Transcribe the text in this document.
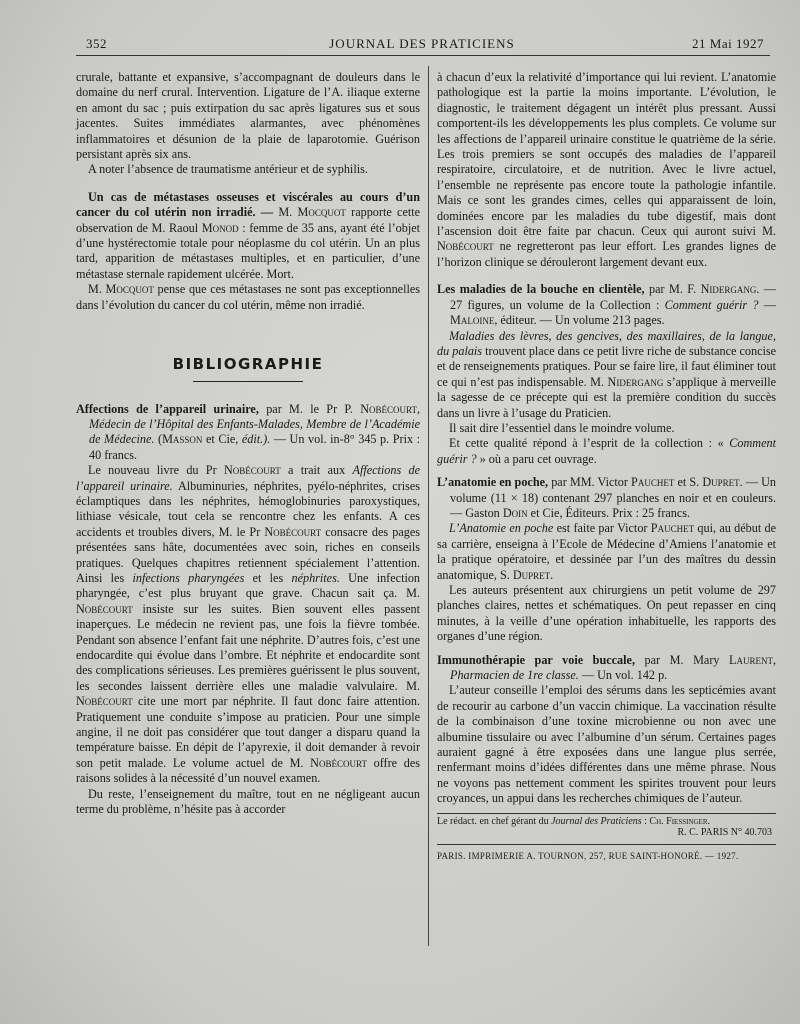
352	JOURNAL DES PRATICIENS	21 Mai 1927

crurale, battante et expansive, s’accompagnant de douleurs dans le domaine du nerf crural. Intervention. Ligature de l’A. iliaque externe en amont du sac ; puis extirpation du sac après ligatures sus et sous jacentes. Suites immédiates alarmantes, avec phénomènes inflammatoires et désunion de la plaie de laparotomie. Guérison persistant après six ans.

A noter l’absence de traumatisme antérieur et de syphilis.

Un cas de métastases osseuses et viscérales au cours d’un cancer du col utérin non irradié. — M. Mocquot rapporte cette observation de M. Raoul Monod : femme de 35 ans, ayant été l’objet d’une hystérectomie totale pour néoplasme du col utérin. Un an plus tard, apparition de métastases multiples, et en particulier, d’une métastase sternale rapidement ulcérée. Mort.

M. Mocquot pense que ces métastases ne sont pas exceptionnelles dans l’évolution du cancer du col utérin, même non irradié.

BIBLIOGRAPHIE

Affections de l’appareil urinaire, par M. le Pr P. Nobécourt, Médecin de l’Hôpital des Enfants-Malades, Membre de l’Académie de Médecine. (Masson et Cie, édit.). — Un vol. in-8° 345 p. Prix : 40 francs.

Le nouveau livre du Pr Nobécourt a trait aux Affections de l’appareil urinaire. Albuminuries, néphrites, pyélo-néphrites, crises éclamptiques dans les néphrites, hémoglobinuries paroxystiques, lithiase vésicale, tout cela se rencontre chez les enfants. A ces accidents et troubles divers, M. le Pr Nobécourt consacre des pages présentées sans hâte, documentées avec soin, riches en conseils pratiques. Quelques chapitres retiennent spécialement l’attention. Ainsi les infections pharyngées et les néphrites. Une infection pharyngée, c’est plus bruyant que grave. Chacun sait ça. M. Nobécourt insiste sur les suites. Bien souvent elles passent inaperçues. Le médecin ne revient pas, une fois la fièvre tombée. Pendant son absence l’enfant fait une néphrite. D’autres fois, c’est une endocardite qui évolue dans l’ombre. Et néphrite et endocardite sont des complications sérieuses. Les premières guérissent le plus souvent, les secondes laissent derrière elles une maladie valvulaire. M. Nobécourt cite une mort par néphrite. Il faut donc faire attention. Pratiquement une conduite s’impose au praticien. Pour une simple angine, il ne doit pas considérer que tout danger a disparu quand la température baisse. En dépit de l’apyrexie, il doit demander à revoir son petit malade. Le volume actuel de M. Nobécourt offre des raisons solides à la nécessité d’un nouvel examen.

Du reste, l’enseignement du maître, tout en ne négligeant aucun terme du problème, n’hésite pas à accorder

à chacun d’eux la relativité d’importance qui lui revient. L’anatomie pathologique est la partie la moins importante. L’évolution, le diagnostic, le traitement dégagent un intérêt plus pressant. Aussi comportent-ils les développements les plus complets. Ce volume sur les affections de l’appareil urinaire constitue le quatrième de la série. Les trois premiers se sont occupés des maladies de l’appareil respiratoire, circulatoire, et de nutrition. Avec le livre actuel, l’ensemble ne représente pas encore toute la pathologie infantile. Mais ce sont les grandes cimes, celles qui apparaissent de loin, dominées encore par les maladies du tube digestif, mais dont l’ascension doit être faite par chacun. Ceux qui auront suivi M. Nobécourt ne regretteront pas leur effort. Les grandes lignes de l’horizon clinique se dérouleront largement devant eux.

Les maladies de la bouche en clientèle, par M. F. Nidergang. — 27 figures, un volume de la Collection : Comment guérir ? — Maloine, éditeur. — Un volume 213 pages.

Maladies des lèvres, des gencives, des maxillaires, de la langue, du palais trouvent place dans ce petit livre riche de substance concise et de renseignements pratiques. Pour se faire lire, il faut éliminer tout ce qui n’est pas indispensable. M. Nidergang s’applique à merveille la sagesse de ce précepte qui est la première condition du succès dans un livre à l’usage du Praticien.

Il sait dire l’essentiel dans le moindre volume.

Et cette qualité répond à l’esprit de la collection : « Comment guérir ? » où a paru cet ouvrage.

L’anatomie en poche, par MM. Victor Pauchet et S. Dupret. — Un volume (11 × 18) contenant 297 planches en noir et en couleurs. — Gaston Doin et Cie, Éditeurs. Prix : 25 francs.

L’Anatomie en poche est faite par Victor Pauchet qui, au début de sa carrière, enseigna à l’Ecole de Médecine d’Amiens l’anatomie et la pratique opératoire, et dessinée par l’un des maîtres du dessin anatomique, S. Dupret.

Les auteurs présentent aux chirurgiens un petit volume de 297 planches claires, nettes et schématiques. On peut repasser en cinq minutes, à la veille d’une opération inhabituelle, les rapports des organes d’une région.

Immunothérapie par voie buccale, par M. Mary Laurent, Pharmacien de 1re classe. — Un vol. 142 p.

L’auteur conseille l’emploi des sérums dans les septicémies avant de recourir au carbone d’un vaccin chimique. La vaccination résulte de la combinaison d’une toxine microbienne ou non avec une albumine tissulaire ou avec l’albumine d’un sérum. Certaines pages auraient gagné à être exposées dans une langue plus serrée, renfermant moins d’idées différentes dans une même phrase. Nous ne voyons pas nettement comment les spirites trouvent pour leurs croyances, un appui dans les recherches chimiques de l’auteur.

Le rédact. en chef gérant du Journal des Praticiens : Ch. Fiessinger.
R. C. PARIS N° 40.703
PARIS. IMPRIMERIE A. TOURNON, 257, RUE SAINT-HONORÉ. — 1927.
